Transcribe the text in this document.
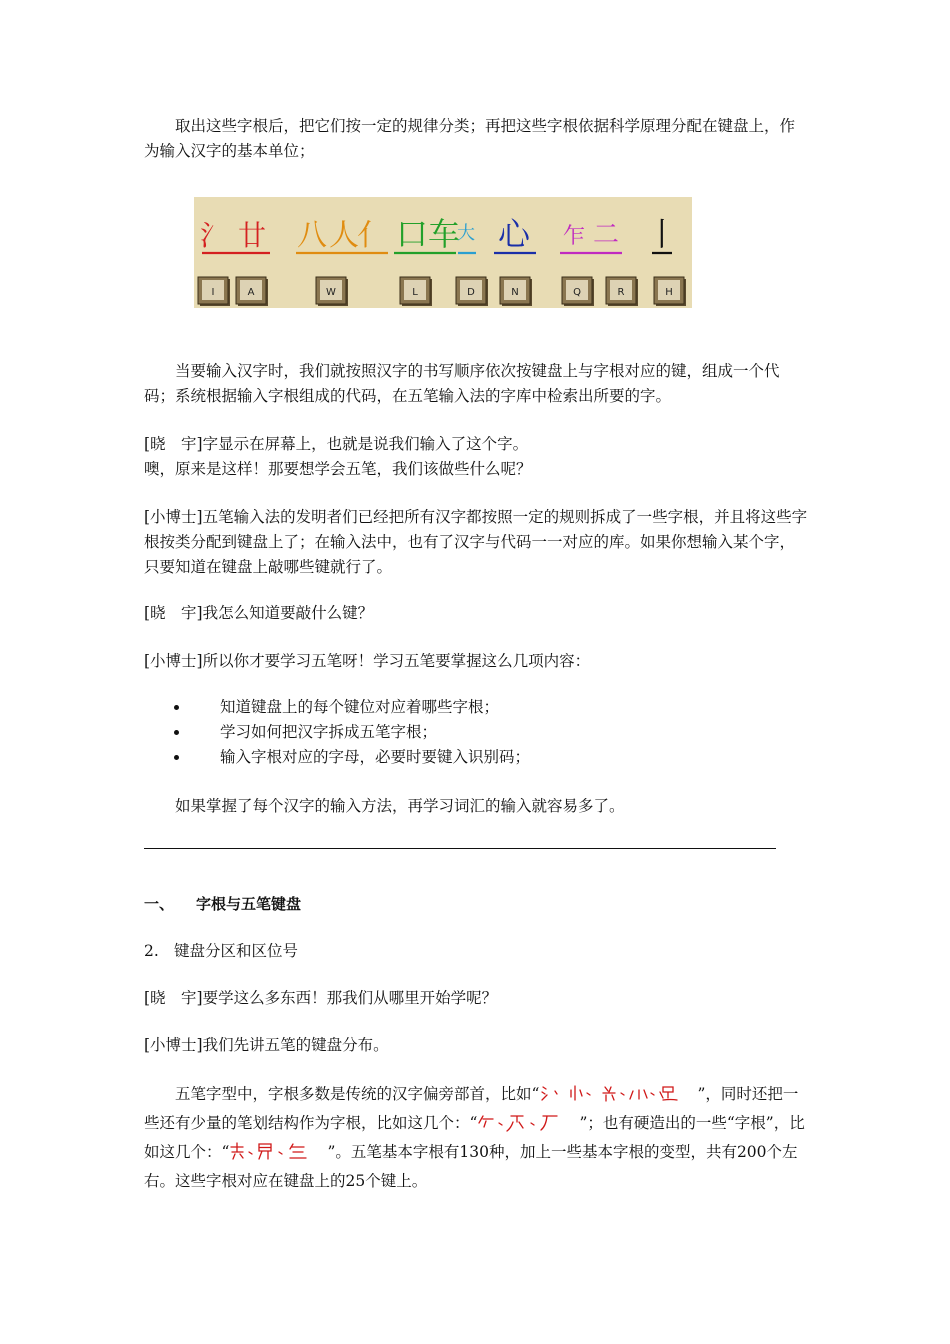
取出这些字根后，把它们按一定的规律分类；再把这些字根依据科学原理分配在键盘上，作为输入汉字的基本单位；

氵 廿 八 人
亻 口 车
大 心 乍 二 丨
I	A	W	L	D	N	Q	R	H

当要输入汉字时，我们就按照汉字的书写顺序依次按键盘上与字根对应的键，组成一个代码；系统根据输入字根组成的代码，在五笔输入法的字库中检索出所要的字。

[晓　宇]字显示在屏幕上，也就是说我们输入了这个字。

噢，原来是这样！那要想学会五笔，我们该做些什么呢？

[小博士]五笔输入法的发明者们已经把所有汉字都按照一定的规则拆成了一些字根，并且将这些字根按类分配到键盘上了；在输入法中，也有了汉字与代码一一对应的库。如果你想输入某个字，只要知道在键盘上敲哪些键就行了。

[晓　宇]我怎么知道要敲什么键？

[小博士]所以你才要学习五笔呀！学习五笔要掌握这么几项内容：

知道键盘上的每个键位对应着哪些字根；
学习如何把汉字拆成五笔字根；
输入字根对应的字母，必要时要键入识别码；

如果掌握了每个汉字的输入方法，再学习词汇的输入就容易多了。

一、 字根与五笔键盘
2. 键盘分区和区位号

[晓　宇]要学这么多东西！那我们从哪里开始学呢？

[小博士]我们先讲五笔的键盘分布。

五笔字型中，字根多数是传统的汉字偏旁部首，比如“	”，同时还把一些还有少量的笔划结构作为字根，比如这几个：“	”；也有硬造出的一些“字根”，比如这几个：“	”。五笔基本字根有130种，加上一些基本字根的变型，共有200个左右。这些字根对应在键盘上的25个键上。
